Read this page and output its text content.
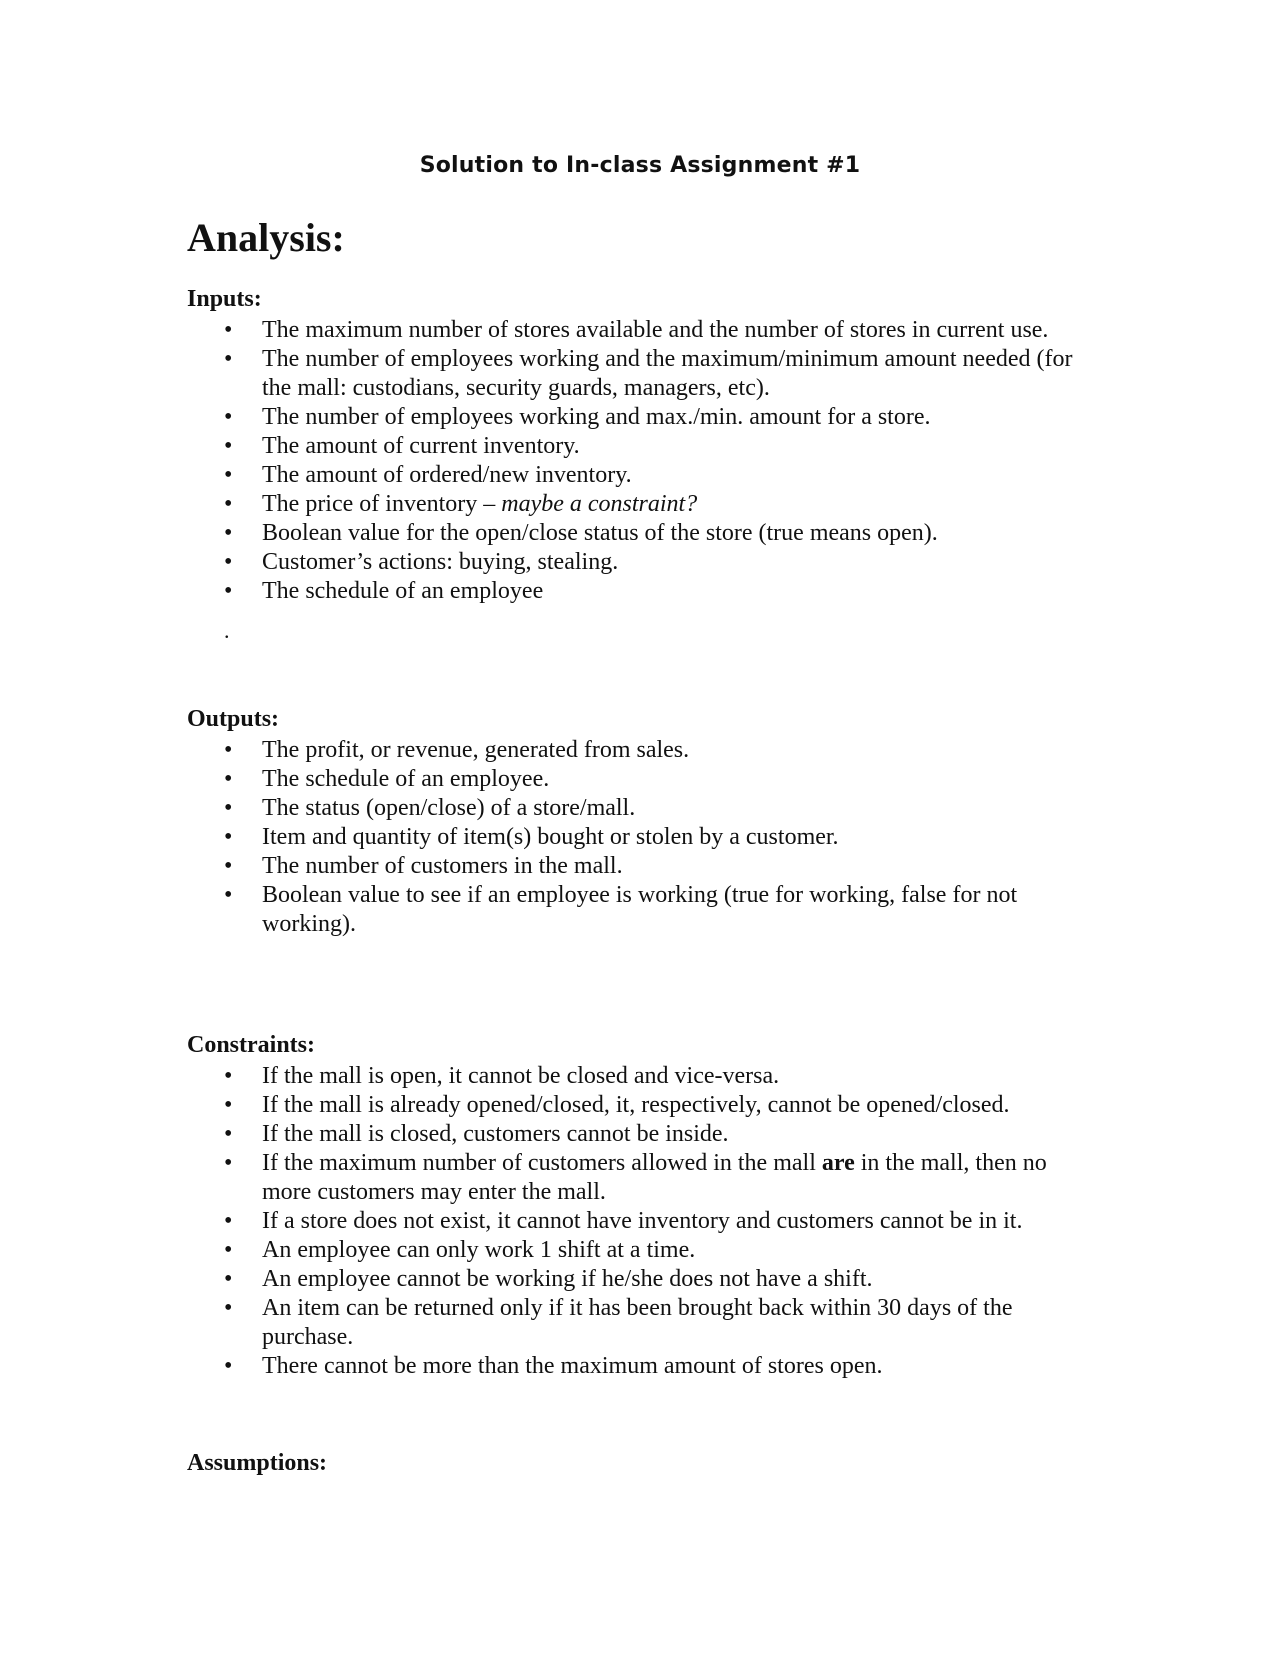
Solution to In-class Assignment #1
Analysis:
Inputs:
• The maximum number of stores available and the number of stores in current use.
• The number of employees working and the maximum/minimum amount needed (for the mall: custodians, security guards, managers, etc).
• The number of employees working and max./min. amount for a store.
• The amount of current inventory.
• The amount of ordered/new inventory.
• The price of inventory – maybe a constraint?
• Boolean value for the open/close status of the store (true means open).
• Customer’s actions: buying, stealing.
• The schedule of an employee
.
Outputs:
• The profit, or revenue, generated from sales.
• The schedule of an employee.
• The status (open/close) of a store/mall.
• Item and quantity of item(s) bought or stolen by a customer.
• The number of customers in the mall.
• Boolean value to see if an employee is working (true for working, false for not working).
Constraints:
• If the mall is open, it cannot be closed and vice-versa.
• If the mall is already opened/closed, it, respectively, cannot be opened/closed.
• If the mall is closed, customers cannot be inside.
• If the maximum number of customers allowed in the mall are in the mall, then no more customers may enter the mall.
• If a store does not exist, it cannot have inventory and customers cannot be in it.
• An employee can only work 1 shift at a time.
• An employee cannot be working if he/she does not have a shift.
• An item can be returned only if it has been brought back within 30 days of the purchase.
• There cannot be more than the maximum amount of stores open.
Assumptions:
